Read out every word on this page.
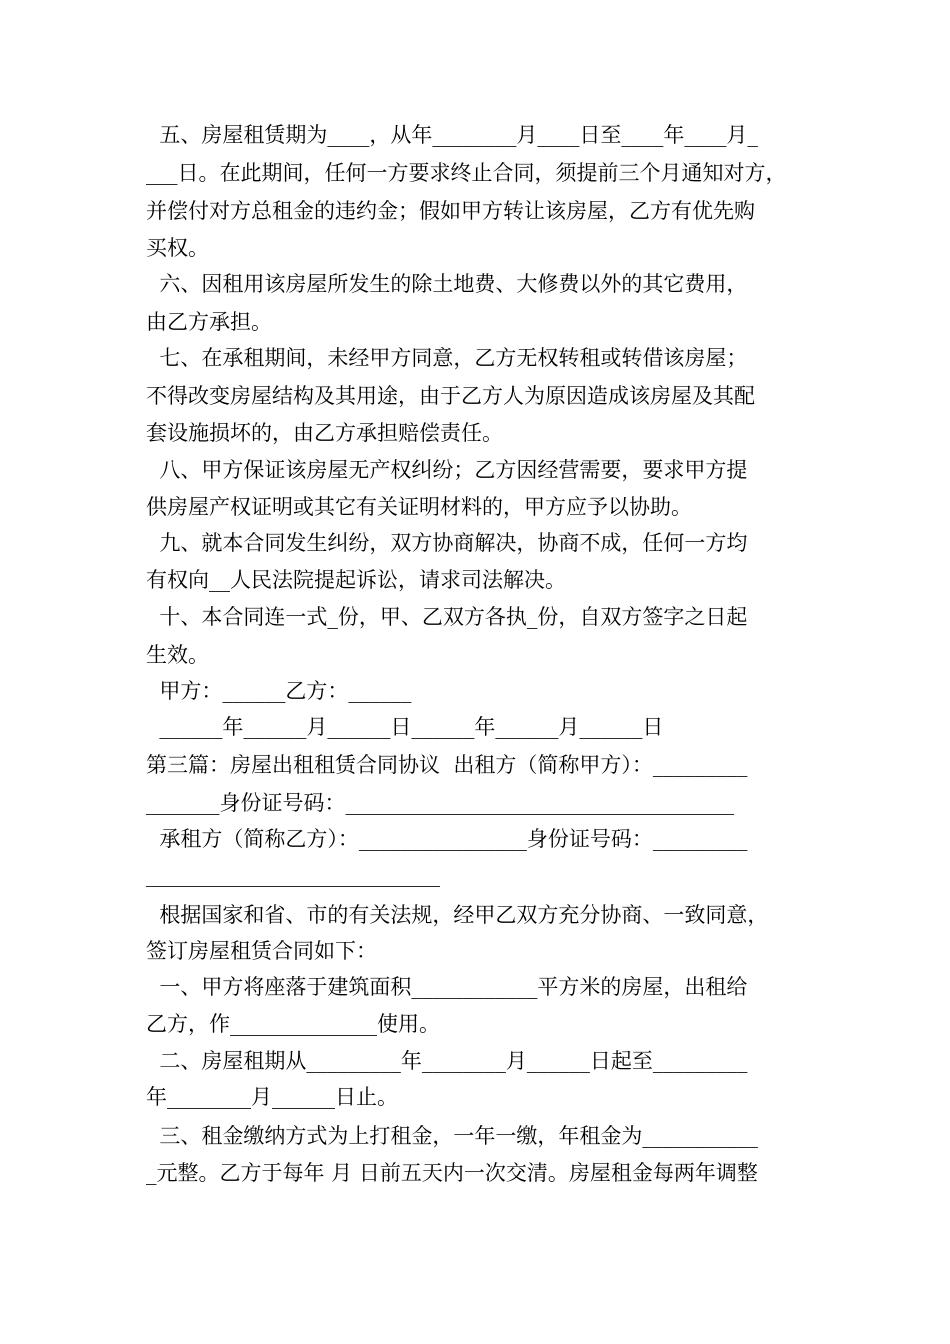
五、房屋租赁期为____，从年________月____日至____年____月_
___日。在此期间，任何一方要求终止合同，须提前三个月通知对方，
并偿付对方总租金的违约金；假如甲方转让该房屋，乙方有优先购
买权。
六、因租用该房屋所发生的除土地费、大修费以外的其它费用，
由乙方承担。
七、在承租期间，未经甲方同意，乙方无权转租或转借该房屋；
不得改变房屋结构及其用途，由于乙方人为原因造成该房屋及其配
套设施损坏的，由乙方承担赔偿责任。
八、甲方保证该房屋无产权纠纷；乙方因经营需要，要求甲方提
供房屋产权证明或其它有关证明材料的，甲方应予以协助。
九、就本合同发生纠纷，双方协商解决，协商不成，任何一方均
有权向__人民法院提起诉讼，请求司法解决。
十、本合同连一式_份，甲、乙双方各执_份，自双方签字之日起
生效。
甲方：______乙方：______
______年______月______日______年______月______日
第三篇：房屋出租租赁合同协议  出租方（简称甲方）：_________
_______身份证号码：_____________________________________
承租方（简称乙方）：________________身份证号码：_________
____________________________
根据国家和省、市的有关法规，经甲乙双方充分协商、一致同意，
签订房屋租赁合同如下：
一、甲方将座落于建筑面积____________平方米的房屋，出租给
乙方，作______________使用。
二、房屋租期从_________年________月______日起至_________
年________月______日止。
三、租金缴纳方式为上打租金，一年一缴，年租金为___________
_元整。乙方于每年 月 日前五天内一次交清。房屋租金每两年调整
